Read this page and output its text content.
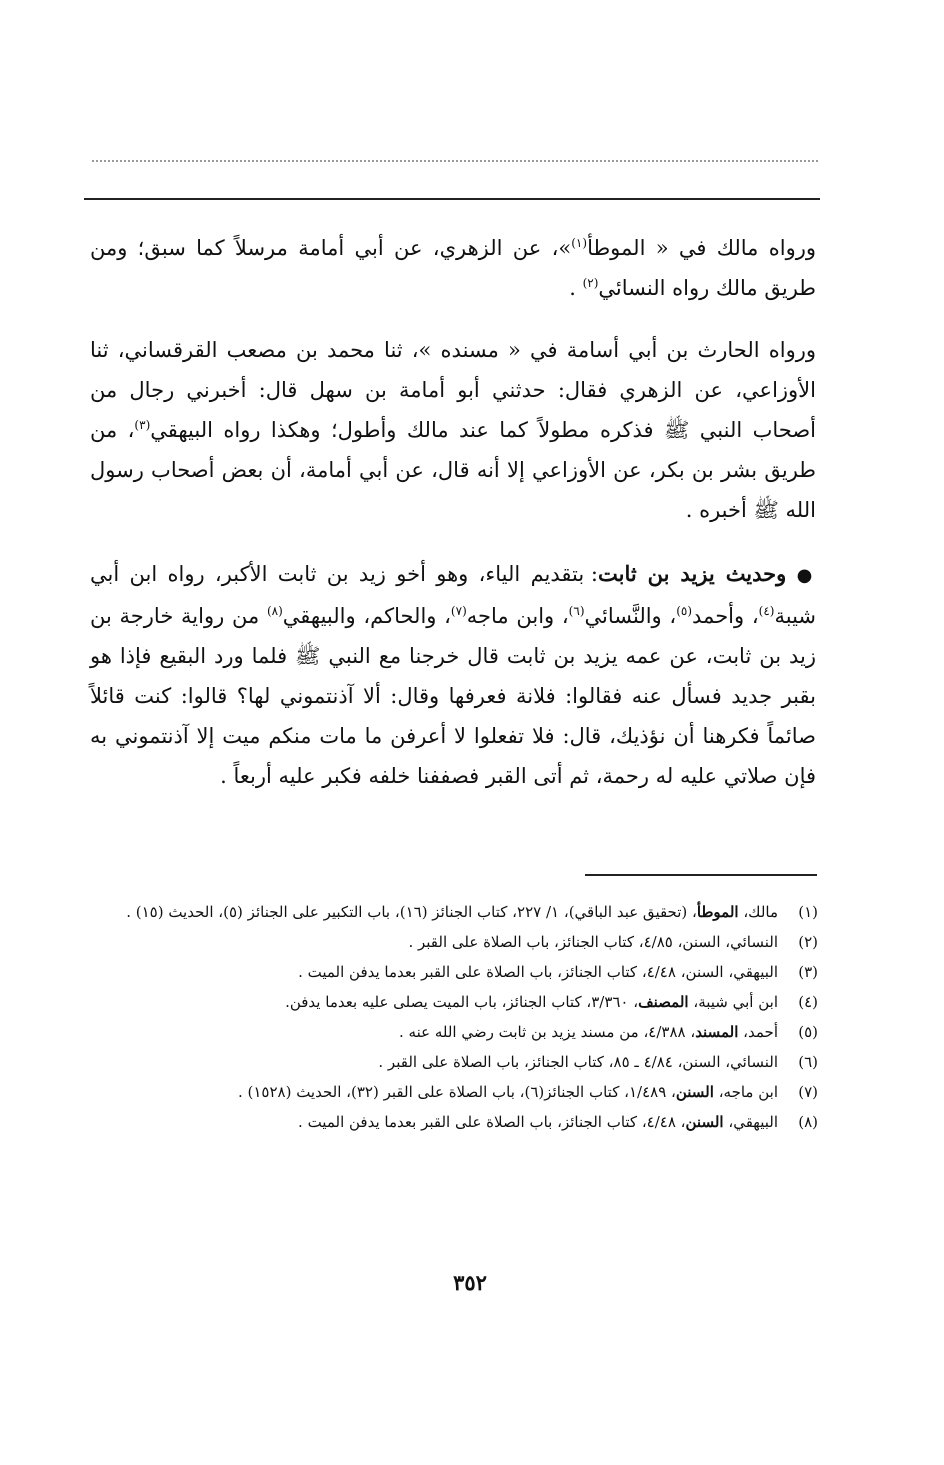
ورواه مالك في « الموطأ$^{(١)}$»، عن الزهري، عن أبي أمامة مرسلاً كما سبق؛ ومن طريق مالك رواه النسائي$^{(٢)}$ .

ورواه الحارث بن أبي أسامة في « مسنده »، ثنا محمد بن مصعب القرقساني، ثنا الأوزاعي، عن الزهري فقال: حدثني أبو أمامة بن سهل قال: أخبرني رجال من أصحاب النبي ﷺ فذكره مطولاً كما عند مالك وأطول؛ وهكذا رواه البيهقي$^{(٣)}$، من طريق بشر بن بكر، عن الأوزاعي إلا أنه قال، عن أبي أمامة، أن بعض أصحاب رسول الله ﷺ أخبره .

● وحديث يزيد بن ثابت: بتقديم الياء، وهو أخو زيد بن ثابت الأكبر، رواه ابن أبي شيبة$^{(٤)}$، وأحمد$^{(٥)}$، والنَّسائي$^{(٦)}$، وابن ماجه$^{(٧)}$، والحاكم، والبيهقي$^{(٨)}$ من رواية خارجة بن زيد بن ثابت، عن عمه يزيد بن ثابت قال خرجنا مع النبي ﷺ فلما ورد البقيع فإذا هو بقبر جديد فسأل عنه فقالوا: فلانة فعرفها وقال: ألا آذنتموني لها؟ قالوا: كنت قائلاً صائماً فكرهنا أن نؤذيك، قال: فلا تفعلوا لا أعرفن ما مات منكم ميت إلا آذنتموني به فإن صلاتي عليه له رحمة، ثم أتى القبر فصففنا خلفه فكبر عليه أربعاً .

(١)
مالك، الموطأ، (تحقيق عبد الباقي)، ١/ ٢٢٧، كتاب الجنائز (١٦)، باب التكبير على الجنائز (٥)، الحديث (١٥) .
(٢)
النسائي، السنن، ٤/٨٥، كتاب الجنائز، باب الصلاة على القبر .
(٣)
البيهقي، السنن، ٤/٤٨، كتاب الجنائز، باب الصلاة على القبر بعدما يدفن الميت .
(٤)
ابن أبي شيبة، المصنف، ٣/٣٦٠، كتاب الجنائز، باب الميت يصلى عليه بعدما يدفن.
(٥)
أحمد، المسند، ٤/٣٨٨، من مسند يزيد بن ثابت رضي الله عنه .
(٦)
النسائي، السنن، ٤/٨٤ ـ ٨٥، كتاب الجنائز، باب الصلاة على القبر .
(٧)
ابن ماجه، السنن، ١/٤٨٩، كتاب الجنائز(٦)، باب الصلاة على القبر (٣٢)، الحديث (١٥٢٨) .
(٨)
البيهقي، السنن، ٤/٤٨، كتاب الجنائز، باب الصلاة على القبر بعدما يدفن الميت .
٣٥٢
